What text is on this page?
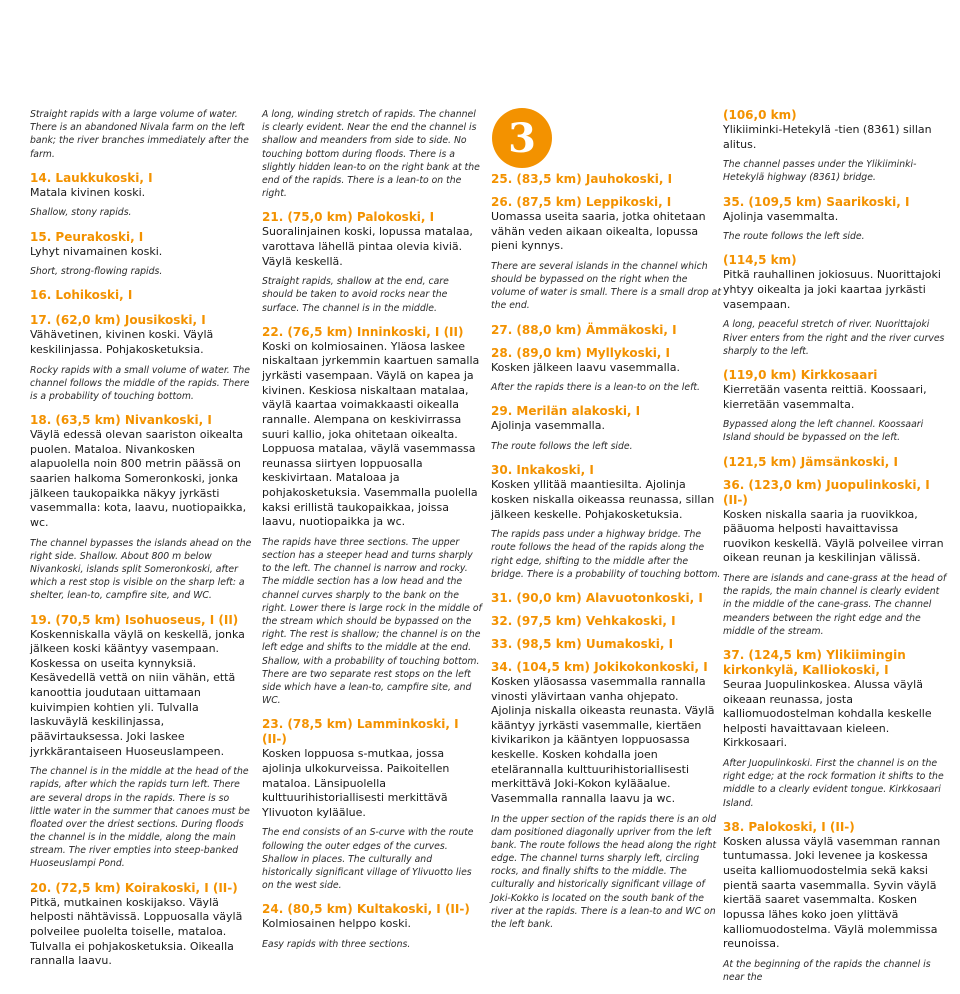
Straight rapids with a large volume of water. There is an abandoned Nivala farm on the left bank; the river branches immediately after the farm.

14. Laukkukoski, I

Matala kivinen koski.

Shallow, stony rapids.

15. Peurakoski, I

Lyhyt nivamainen koski.

Short, strong-flowing rapids.

16. Lohikoski, I
17. (62,0 km) Jousikoski, I

Vähävetinen, kivinen koski. Väylä keskilinjassa. Pohjakosketuksia.

Rocky rapids with a small volume of water. The channel follows the middle of the rapids. There is a probability of touching bottom.

18. (63,5 km) Nivankoski, I

Väylä edessä olevan saariston oikealta puolen. Mataloa. Nivankosken alapuolella noin 800 metrin päässä on saarien halkoma Someronkoski, jonka jälkeen taukopaikka näkyy jyrkästi vasemmalla: kota, laavu, nuotiopaikka, wc.

The channel bypasses the islands ahead on the right side. Shallow. About 800 m below Nivankoski, islands split Someronkoski, after which a rest stop is visible on the sharp left: a shelter, lean-to, campfire site, and WC.

19. (70,5 km) Isohuoseus, I (II)

Koskenniskalla väylä on keskellä, jonka jälkeen koski kääntyy vasempaan. Koskessa on useita kynnyksiä. Kesävedellä vettä on niin vähän, että kanoottia joudutaan uittamaan kuivimpien kohtien yli. Tulvalla laskuväylä keskilinjassa, päävirtauksessa. Joki laskee jyrkkärantaiseen Huoseuslampeen.

The channel is in the middle at the head of the rapids, after which the rapids turn left. There are several drops in the rapids. There is so little water in the summer that canoes must be floated over the driest sections. During floods the channel is in the middle, along the main stream. The river empties into steep-banked Huoseuslampi Pond.

20. (72,5 km) Koirakoski, I (II-)

Pitkä, mutkainen koskijakso. Väylä helposti nähtävissä. Loppuosalla väylä polveilee puolelta toiselle, mataloa. Tulvalla ei pohjakosketuksia. Oikealla rannalla laavu.

A long, winding stretch of rapids. The channel is clearly evident. Near the end the channel is shallow and meanders from side to side. No touching bottom during floods. There is a slightly hidden lean-to on the right bank at the end of the rapids. There is a lean-to on the right.

21. (75,0 km) Palokoski, I

Suoralinjainen koski, lopussa matalaa, varottava lähellä pintaa olevia kiviä. Väylä keskellä.

Straight rapids, shallow at the end, care should be taken to avoid rocks near the surface. The channel is in the middle.

22. (76,5 km) Inninkoski, I (II)

Koski on kolmiosainen. Yläosa laskee niskaltaan jyrkemmin kaartuen samalla jyrkästi vasempaan. Väylä on kapea ja kivinen. Keskiosa niskaltaan matalaa, väylä kaartaa voimakkaasti oikealla rannalle. Alempana on keskivirrassa suuri kallio, joka ohitetaan oikealta. Loppuosa matalaa, väylä vasemmassa reunassa siirtyen loppuosalla keskivirtaan. Mataloaa ja pohjakosketuksia. Vasemmalla puolella kaksi erillistä taukopaikkaa, joissa laavu, nuotiopaikka ja wc.

The rapids have three sections. The upper section has a steeper head and turns sharply to the left. The channel is narrow and rocky. The middle section has a low head and the channel curves sharply to the bank on the right. Lower there is large rock in the middle of the stream which should be bypassed on the right. The rest is shallow; the channel is on the left edge and shifts to the middle at the end. Shallow, with a probability of touching bottom. There are two separate rest stops on the left side which have a lean-to, campfire site, and WC.

23. (78,5 km) Lamminkoski, I (II-)

Kosken loppuosa s-mutkaa, jossa ajolinja ulkokurveissa. Paikoitellen mataloa. Länsipuolella kulttuurihistoriallisesti merkittävä Ylivuoton kyläälue.

The end consists of an S-curve with the route following the outer edges of the curves. Shallow in places. The culturally and historically significant village of Ylivuotto lies on the west side.

24. (80,5 km) Kultakoski, I (II-)

Kolmiosainen helppo koski.

Easy rapids with three sections.

3
25. (83,5 km) Jauhokoski, I
26. (87,5 km) Leppikoski, I

Uomassa useita saaria, jotka ohitetaan vähän veden aikaan oikealta, lopussa pieni kynnys.

There are several islands in the channel which should be bypassed on the right when the volume of water is small. There is a small drop at the end.

27. (88,0 km) Ämmäkoski, I
28. (89,0 km) Myllykoski, I

Kosken jälkeen laavu vasemmalla.

After the rapids there is a lean-to on the left.

29. Merilän alakoski, I

Ajolinja vasemmalla.

The route follows the left side.

30. Inkakoski, I

Kosken yllitää maantiesilta. Ajolinja kosken niskalla oikeassa reunassa, sillan jälkeen keskelle. Pohjakosketuksia.

The rapids pass under a highway bridge. The route follows the head of the rapids along the right edge, shifting to the middle after the bridge. There is a probability of touching bottom.

31. (90,0 km) Alavuotonkoski, I
32. (97,5 km) Vehkakoski, I
33. (98,5 km) Uumakoski, I
34. (104,5 km) Jokikokonkoski, I

Kosken yläosassa vasemmalla rannalla vinosti ylävirtaan vanha ohjepato. Ajolinja niskalla oikeasta reunasta. Väylä kääntyy jyrkästi vasemmalle, kiertäen kivikarikon ja kääntyen loppuosassa keskelle. Kosken kohdalla joen etelärannalla kulttuurihistoriallisesti merkittävä Joki-Kokon kylääalue. Vasemmalla rannalla laavu ja wc.

In the upper section of the rapids there is an old dam positioned diagonally upriver from the left bank. The route follows the head along the right edge. The channel turns sharply left, circling rocks, and finally shifts to the middle. The culturally and historically significant village of Joki-Kokko is located on the south bank of the river at the rapids. There is a lean-to and WC on the left bank.

(106,0 km)

Ylikiiminki-Hetekylä -tien (8361) sillan alitus.

The channel passes under the Ylikiiminki-Hetekylä highway (8361) bridge.

35. (109,5 km) Saarikoski, I

Ajolinja vasemmalta.

The route follows the left side.

(114,5 km)

Pitkä rauhallinen jokiosuus. Nuorittajoki yhtyy oikealta ja joki kaartaa jyrkästi vasempaan.

A long, peaceful stretch of river. Nuorittajoki River enters from the right and the river curves sharply to the left.

(119,0 km) Kirkkosaari

Kierretään vasenta reittiä. Koossaari, kierretään vasemmalta.

Bypassed along the left channel. Koossaari Island should be bypassed on the left.

(121,5 km) Jämsänkoski, I
36. (123,0 km) Juopulinkoski, I (II-)

Kosken niskalla saaria ja ruovikkoa, pääuoma helposti havaittavissa ruovikon keskellä. Väylä polveilee virran oikean reunan ja keskilinjan välissä.

There are islands and cane-grass at the head of the rapids, the main channel is clearly evident in the middle of the cane-grass. The channel meanders between the right edge and the middle of the stream.

37. (124,5 km) Ylikiimingin kirkonkylä, Kalliokoski, I

Seuraa Juopulinkoskea. Alussa väylä oikeaan reunassa, josta kalliomuodostelman kohdalla keskelle helposti havaittavaan kieleen. Kirkkosaari.

After Juopulinkoski. First the channel is on the right edge; at the rock formation it shifts to the middle to a clearly evident tongue. Kirkkosaari Island.

38. Palokoski, I (II-)

Kosken alussa väylä vasemman rannan tuntumassa. Joki levenee ja koskessa useita kalliomuodostelmia sekä kaksi pientä saarta vasemmalla. Syvin väylä kiertää saaret vasemmalta. Kosken lopussa lähes koko joen ylittävä kalliomuodostelma. Väylä molemmissa reunoissa.

At the beginning of the rapids the channel is near the
